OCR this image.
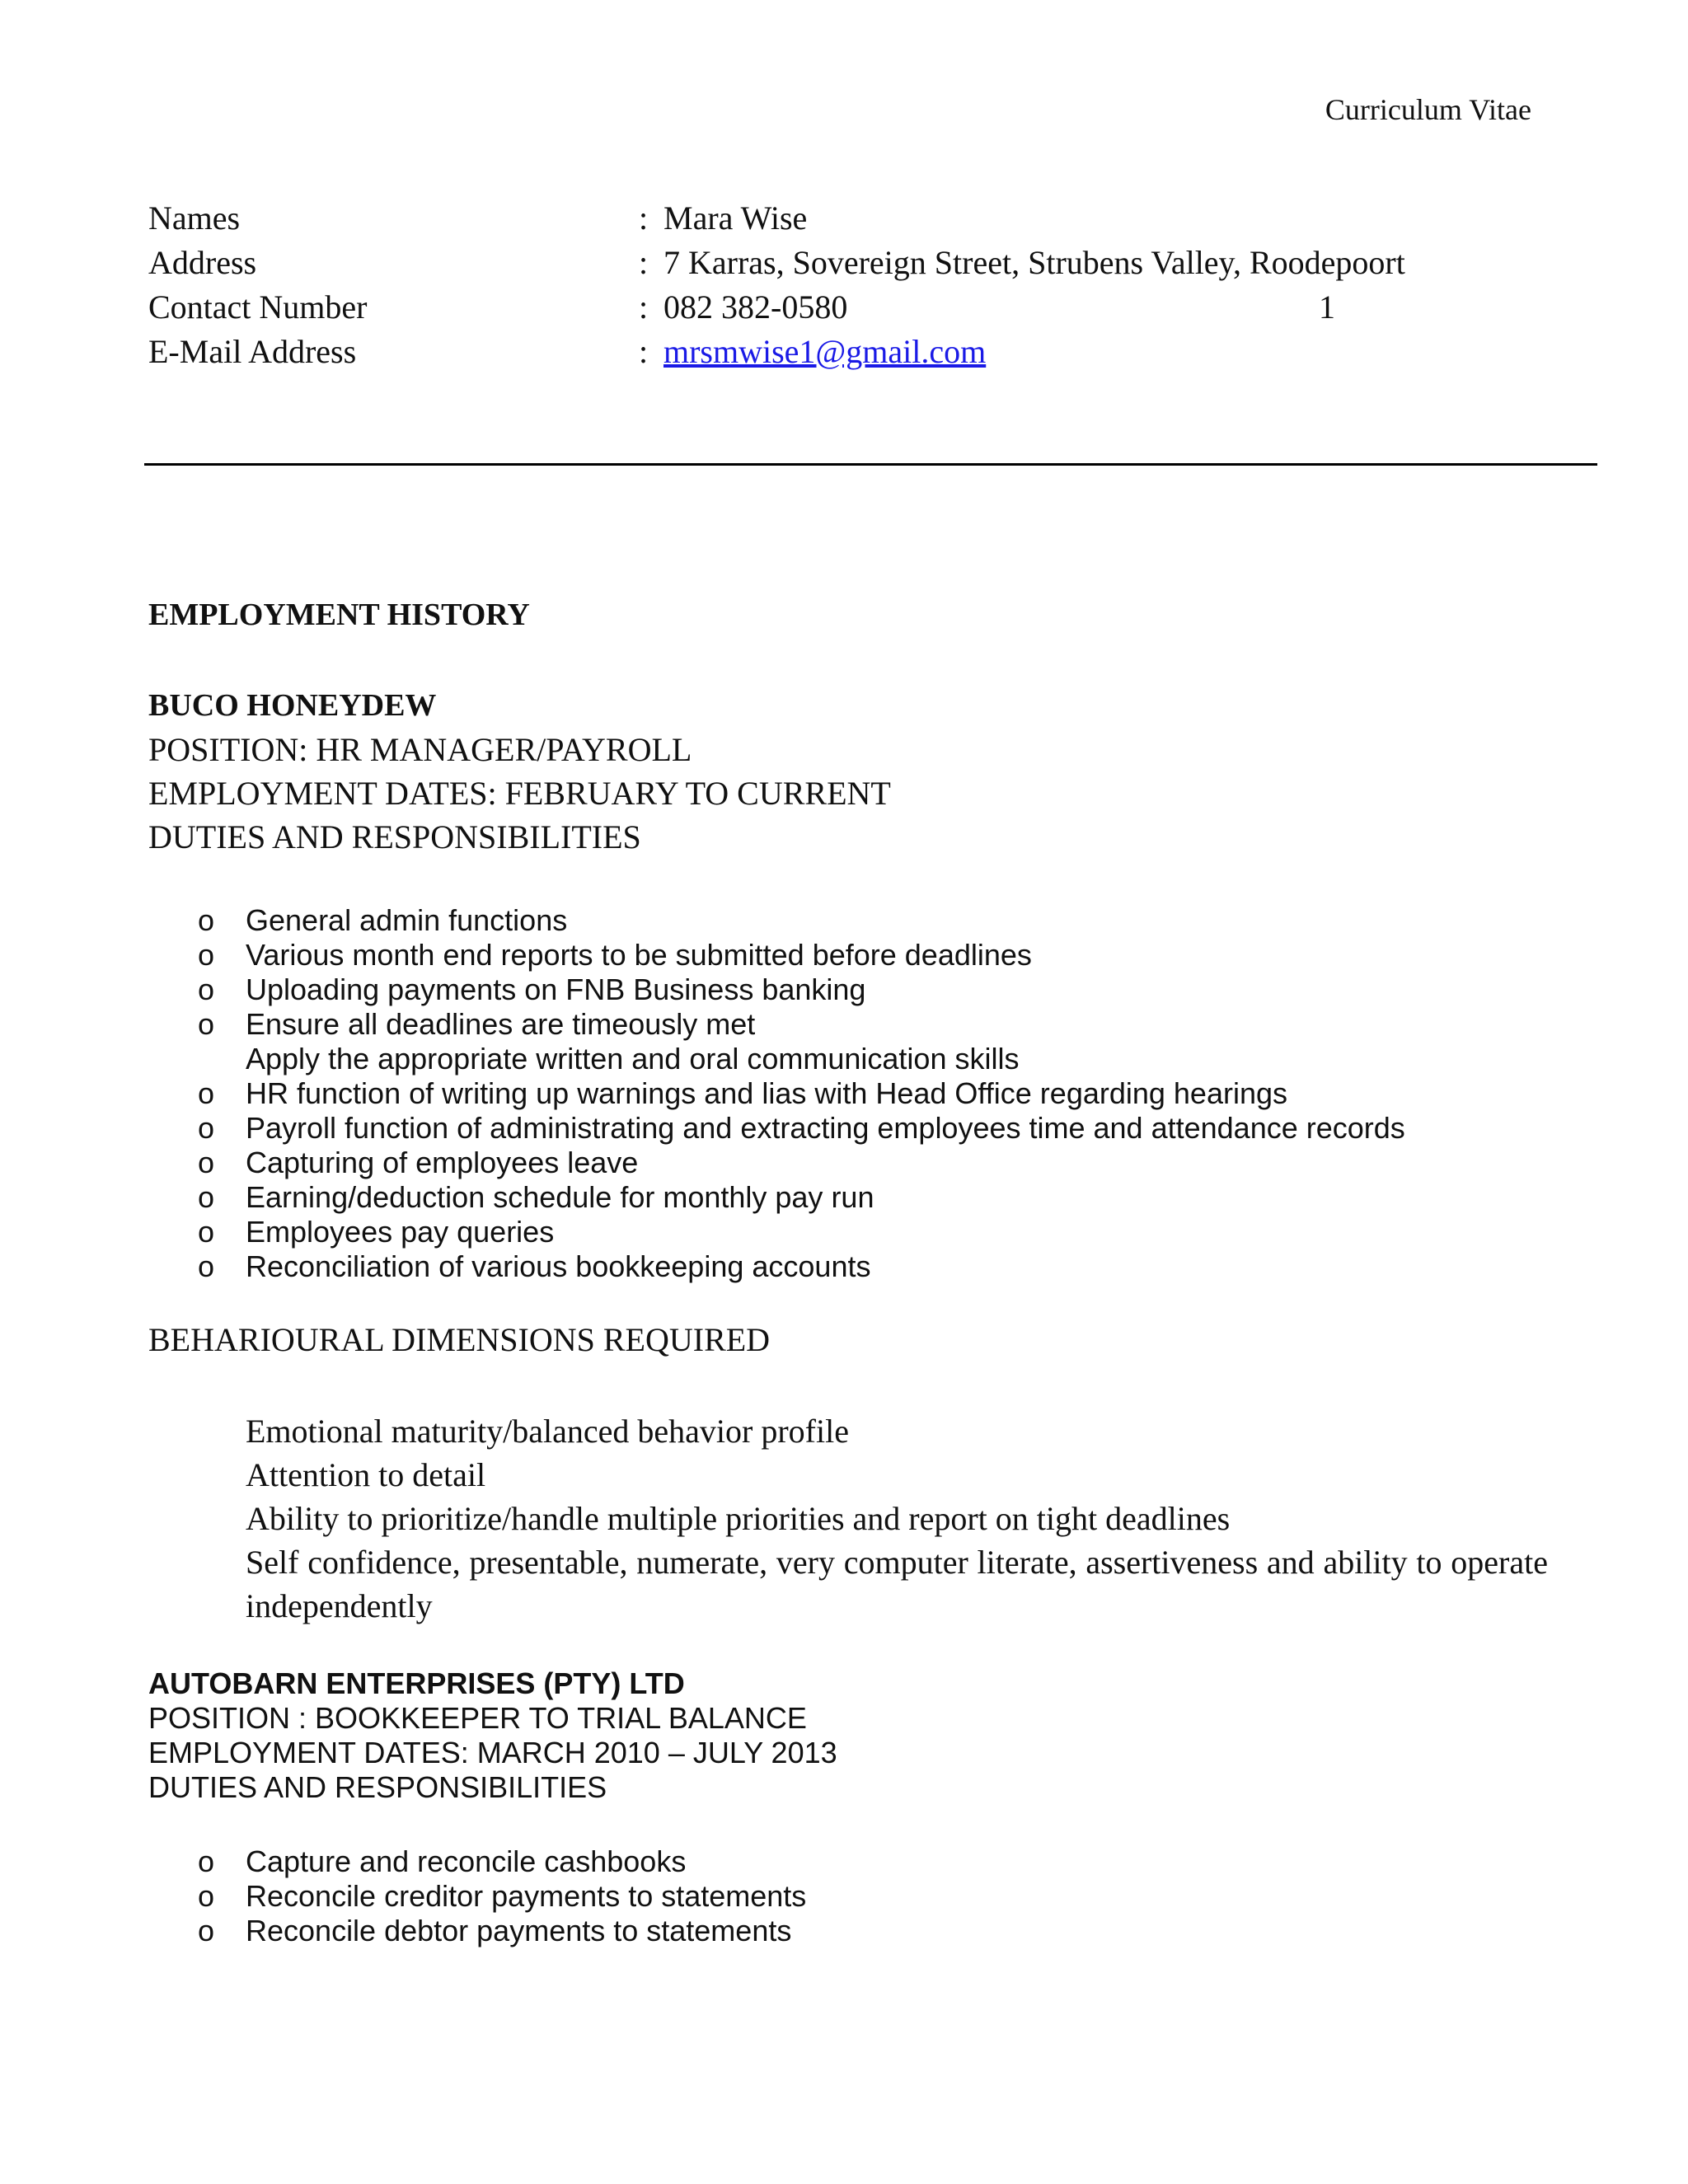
Curriculum Vitae
Names	: Mara Wise
Address	: 7 Karras, Sovereign Street, Strubens Valley, Roodepoort
Contact Number	: 082 382-0580	1
E-Mail Address	: mrsmwise1@gmail.com
EMPLOYMENT HISTORY
BUCO HONEYDEW
POSITION: HR MANAGER/PAYROLL
EMPLOYMENT DATES: FEBRUARY TO CURRENT
DUTIES AND RESPONSIBILITIES
o General admin functions
o Various month end reports to be submitted before deadlines
o Uploading payments on FNB Business banking
o Ensure all deadlines are timeously met
Apply the appropriate written and oral communication skills
o HR function of writing up warnings and lias with Head Office regarding hearings
o Payroll function of administrating and extracting employees time and attendance records
o Capturing of employees leave
o Earning/deduction schedule for monthly pay run
o Employees pay queries
o Reconciliation of various bookkeeping accounts
BEHARIOURAL DIMENSIONS REQUIRED

Emotional maturity/balanced behavior profile

Attention to detail

Ability to prioritize/handle multiple priorities and report on tight deadlines

Self confidence, presentable, numerate, very computer literate, assertiveness and ability to operate independently

AUTOBARN ENTERPRISES (PTY) LTD
POSITION : BOOKKEEPER TO TRIAL BALANCE
EMPLOYMENT DATES: MARCH 2010 – JULY 2013
DUTIES AND RESPONSIBILITIES
o Capture and reconcile cashbooks
o Reconcile creditor payments to statements
o Reconcile debtor payments to statements
